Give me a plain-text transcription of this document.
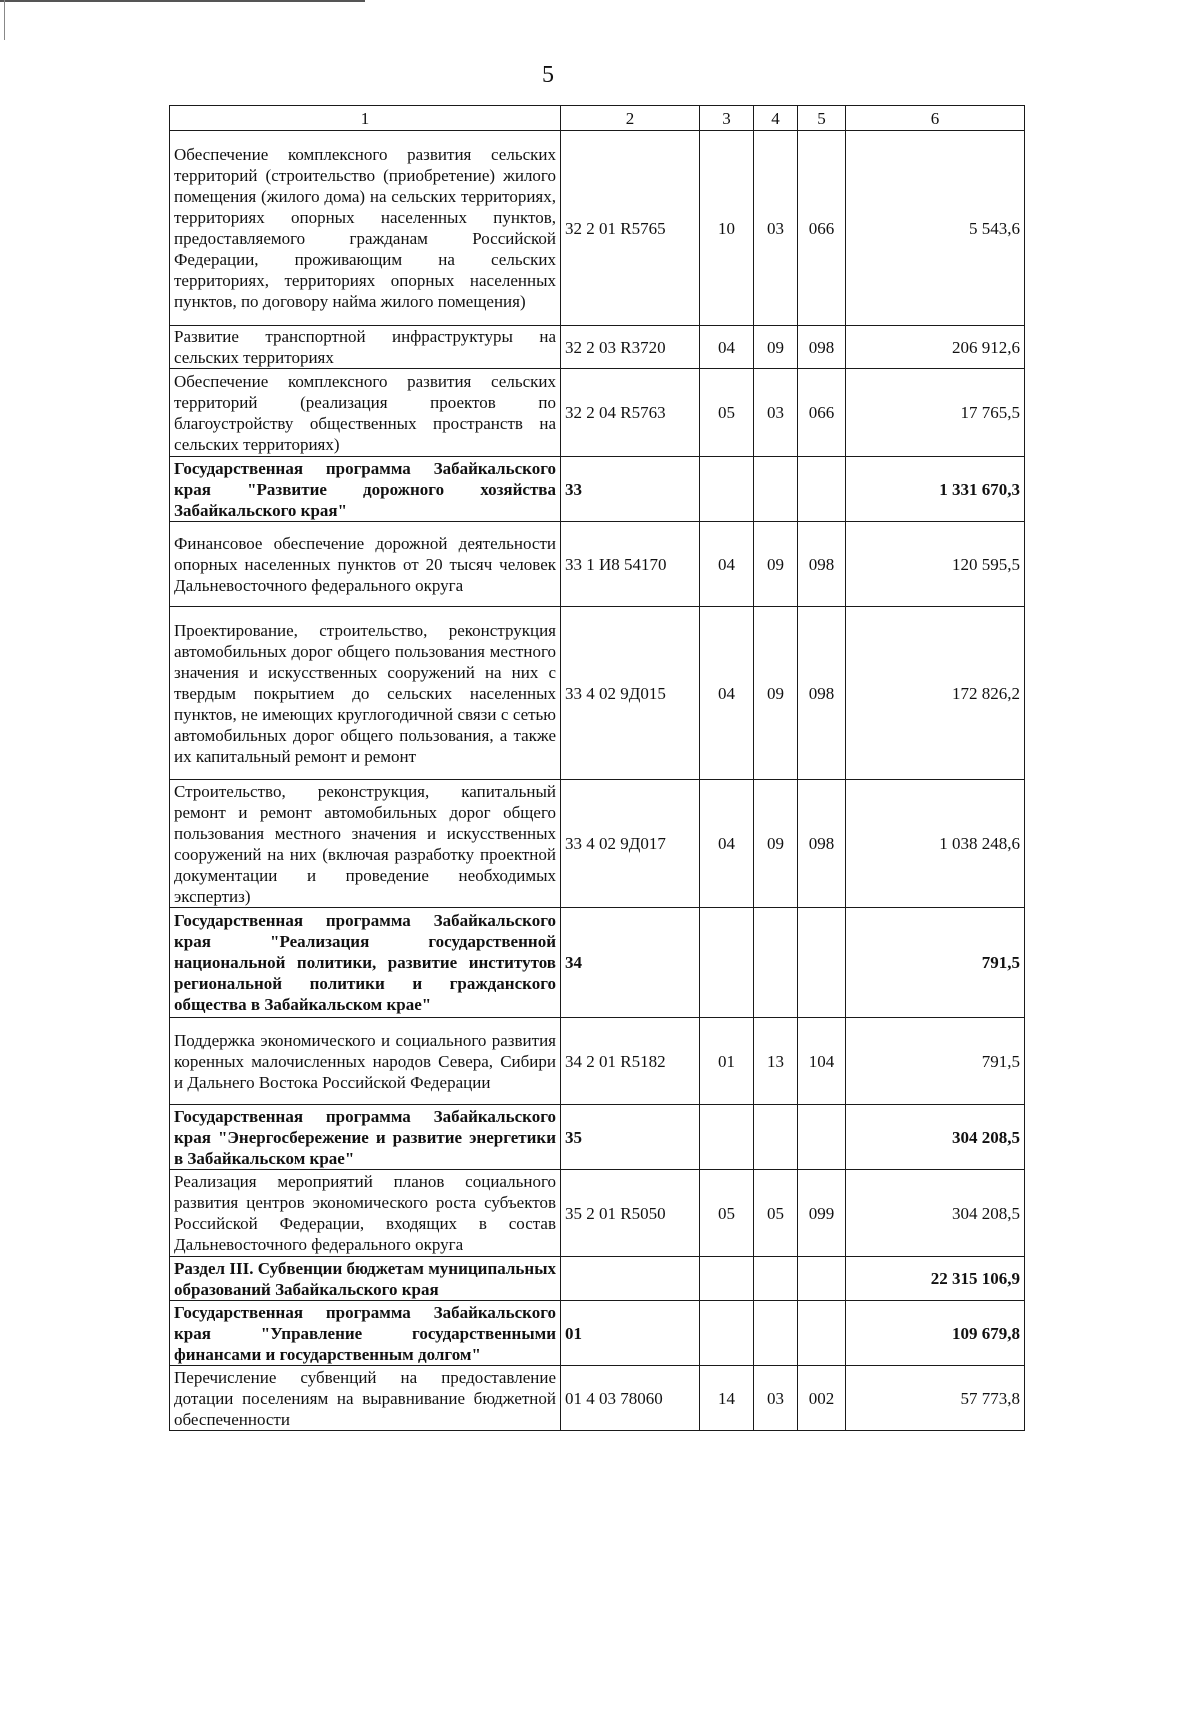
5
1	2	3	4	5	6
Обеспечение комплексного развития сельских территорий (строительство (приобретение) жилого помещения (жилого дома) на сельских территориях, территориях опорных населенных пунктов, предоставляемого гражданам Российской Федерации, проживающим на сельских территориях, территориях опорных населенных пунктов, по договору найма жилого помещения)	32 2 01 R5765	10	03	066	5 543,6
Развитие транспортной инфраструктуры на сельских территориях	32 2 03 R3720	04	09	098	206 912,6
Обеспечение комплексного развития сельских территорий (реализация проектов по благоустройству общественных пространств на сельских территориях)	32 2 04 R5763	05	03	066	17 765,5
Государственная программа Забайкальского края "Развитие дорожного хозяйства Забайкальского края"	33				1 331 670,3
Финансовое обеспечение дорожной деятельности опорных населенных пунктов от 20 тысяч человек Дальневосточного федерального округа	33 1 И8 54170	04	09	098	120 595,5
Проектирование, строительство, реконструкция автомобильных дорог общего пользования местного значения и искусственных сооружений на них с твердым покрытием до сельских населенных пунктов, не имеющих круглогодичной связи с сетью автомобильных дорог общего пользования, а также их капитальный ремонт и ремонт	33 4 02 9Д015	04	09	098	172 826,2
Строительство, реконструкция, капитальный ремонт и ремонт автомобильных дорог общего пользования местного значения и искусственных сооружений на них (включая разработку проектной документации и проведение необходимых экспертиз)	33 4 02 9Д017	04	09	098	1 038 248,6
Государственная программа Забайкальского края "Реализация государственной национальной политики, развитие институтов региональной политики и гражданского общества в Забайкальском крае"	34				791,5
Поддержка экономического и социального развития коренных малочисленных народов Севера, Сибири и Дальнего Востока Российской Федерации	34 2 01 R5182	01	13	104	791,5
Государственная программа Забайкальского края "Энергосбережение и развитие энергетики в Забайкальском крае"	35				304 208,5
Реализация мероприятий планов социального развития центров экономического роста субъектов Российской Федерации, входящих в состав Дальневосточного федерального округа	35 2 01 R5050	05	05	099	304 208,5
Раздел III. Субвенции бюджетам муниципальных образований Забайкальского края					22 315 106,9
Государственная программа Забайкальского края "Управление государственными финансами и государственным долгом"	01				109 679,8
Перечисление субвенций на предоставление дотации поселениям на выравнивание бюджетной обеспеченности	01 4 03 78060	14	03	002	57 773,8
